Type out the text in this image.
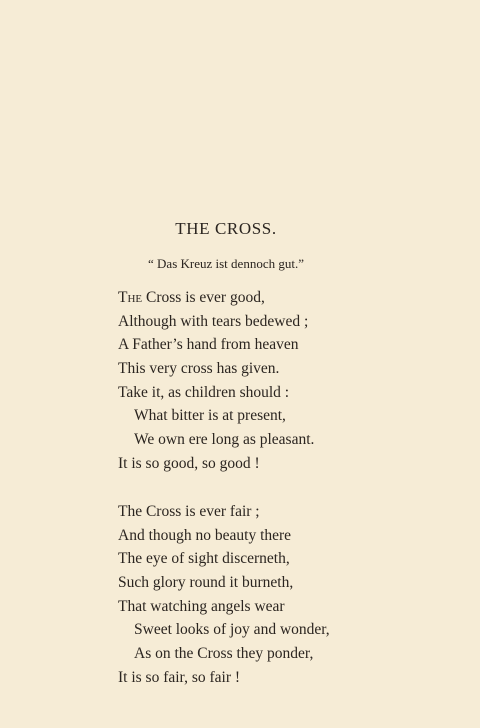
THE CROSS.
“ Das Kreuz ist dennoch gut.”
The Cross is ever good,
Although with tears bedewed ;
A Father’s hand from heaven
This very cross has given.
Take it, as children should :
What bitter is at present,
We own ere long as pleasant.
It is so good, so good !
The Cross is ever fair ;
And though no beauty there
The eye of sight discerneth,
Such glory round it burneth,
That watching angels wear
Sweet looks of joy and wonder,
As on the Cross they ponder,
It is so fair, so fair !
